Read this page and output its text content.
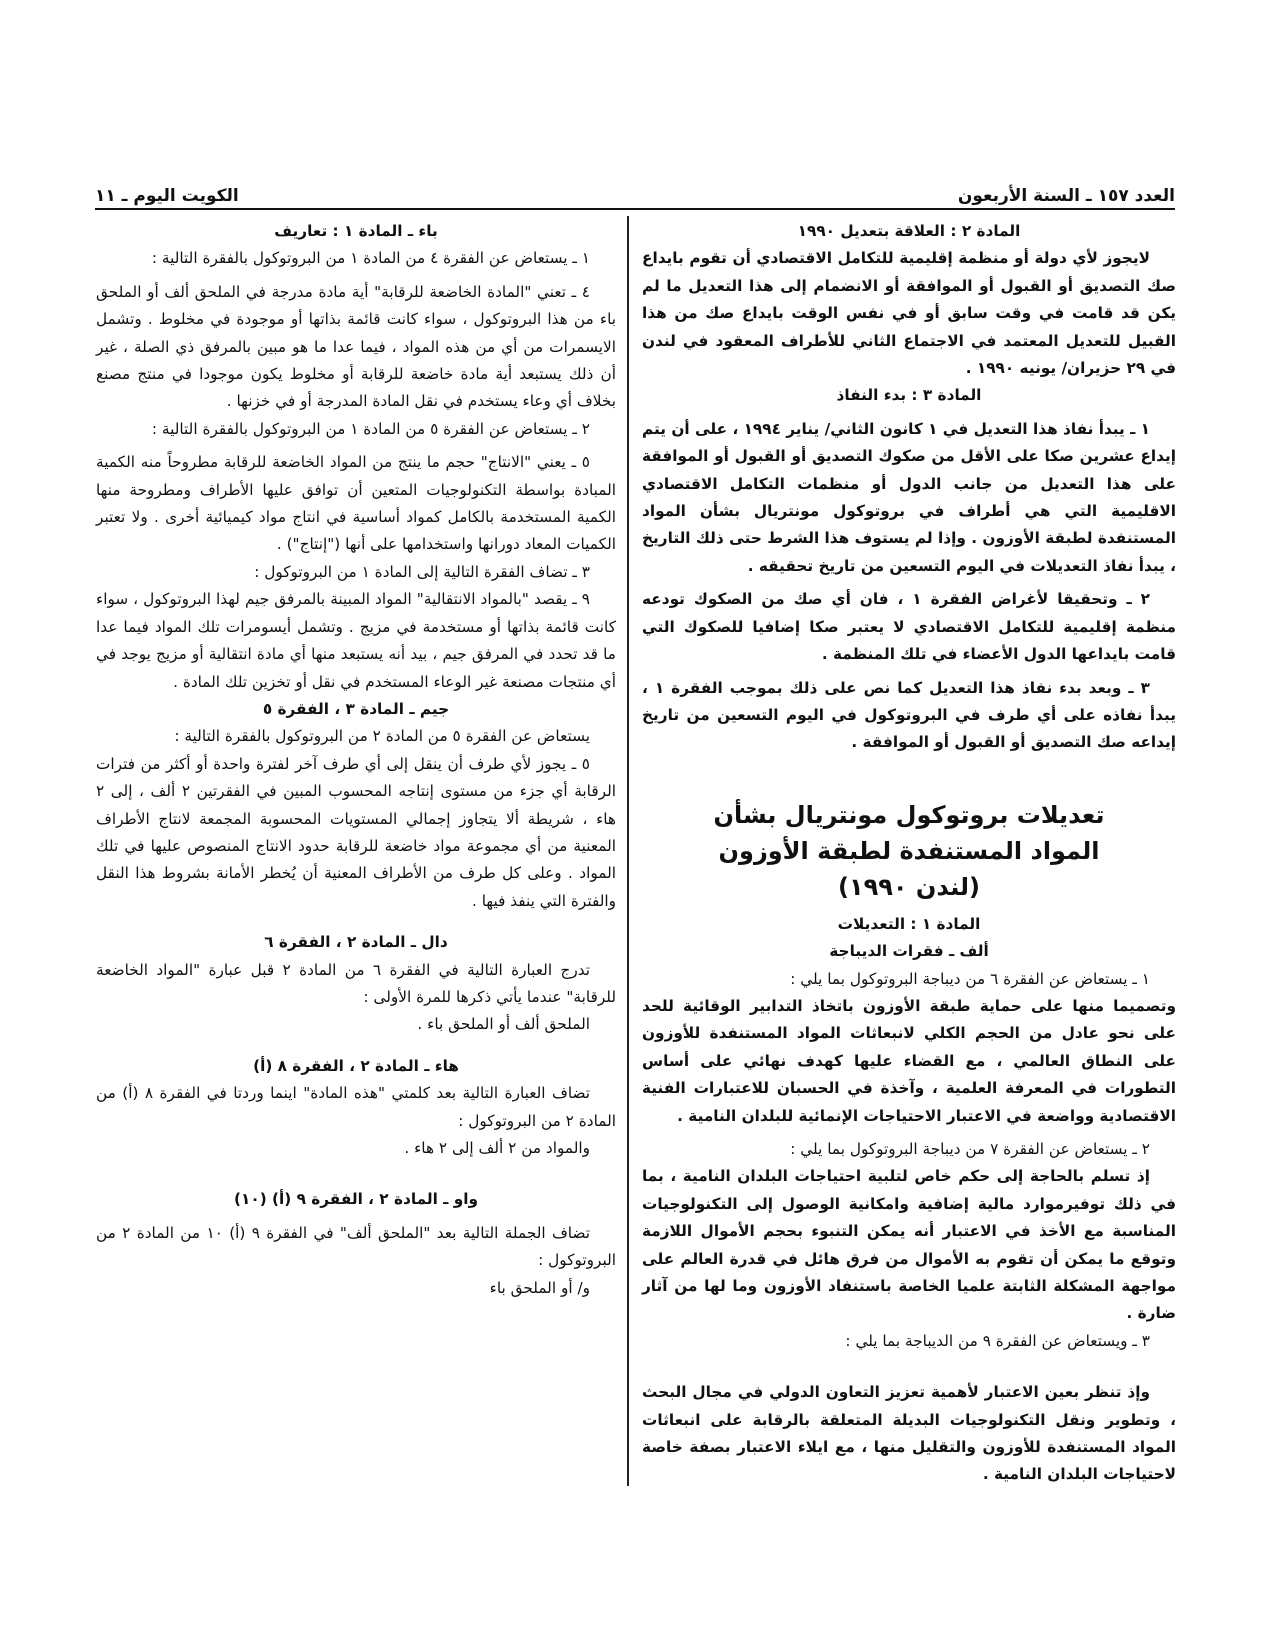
العدد ١٥٧ ـ السنة الأربعون
الكويت اليوم ـ ١١

المادة ٢ : العلاقة بتعديل ١٩٩٠

لايجوز لأي دولة أو منظمة إقليمية للتكامل الاقتصادي أن تقوم بايداع صك التصديق أو القبول أو الموافقة أو الانضمام إلى هذا التعديل ما لم يكن قد قامت في وقت سابق أو في نفس الوقت بايداع صك من هذا القبيل للتعديل المعتمد في الاجتماع الثاني للأطراف المعقود في لندن في ٢٩ حزيران/ يونيه ١٩٩٠ .

المادة ٣ : بدء النفاذ

١ ـ يبدأ نفاذ هذا التعديل في ١ كانون الثاني/ يناير ١٩٩٤ ، على أن يتم إيداع عشرين صكا على الأقل من صكوك التصديق أو القبول أو الموافقة على هذا التعديل من جانب الدول أو منظمات التكامل الاقتصادي الاقليمية التي هي أطراف في بروتوكول مونتريال بشأن المواد المستنفدة لطبقة الأوزون . وإذا لم يستوف هذا الشرط حتى ذلك التاريخ ، يبدأ نفاذ التعديلات في اليوم التسعين من تاريخ تحقيقه .

٢ ـ وتحقيقا لأغراض الفقرة ١ ، فان أي صك من الصكوك تودعه منظمة إقليمية للتكامل الاقتصادي لا يعتبر صكا إضافيا للصكوك التي قامت بايداعها الدول الأعضاء في تلك المنظمة .

٣ ـ وبعد بدء نفاذ هذا التعديل كما نص على ذلك بموجب الفقرة ١ ، يبدأ نفاذه على أي طرف في البروتوكول في اليوم التسعين من تاريخ إيداعه صك التصديق أو القبول أو الموافقة .

تعديلات بروتوكول مونتريال بشأن

المواد المستنفدة لطبقة الأوزون

(لندن ١٩٩٠)

المادة ١ : التعديلات

ألف ـ فقرات الديباجة

١ ـ يستعاض عن الفقرة ٦ من ديباجة البروتوكول بما يلي :

وتصميما منها على حماية طبقة الأوزون باتخاذ التدابير الوقائية للحد على نحو عادل من الحجم الكلي لانبعاثات المواد المستنفدة للأوزون على النطاق العالمي ، مع القضاء عليها كهدف نهائي على أساس التطورات في المعرفة العلمية ، وآخذة في الحسبان للاعتبارات الفنية الاقتصادية وواضعة في الاعتبار الاحتياجات الإنمائية للبلدان النامية .

٢ ـ يستعاض عن الفقرة ٧ من ديباجة البروتوكول بما يلي :

إذ تسلم بالحاجة إلى حكم خاص لتلبية احتياجات البلدان النامية ، بما في ذلك توفيرموارد مالية إضافية وامكانية الوصول إلى التكنولوجيات المناسبة مع الأخذ في الاعتبار أنه يمكن التنبوء بحجم الأموال اللازمة وتوقع ما يمكن أن تقوم به الأموال من فرق هائل في قدرة العالم على مواجهة المشكلة الثابتة علميا الخاصة باستنفاد الأوزون وما لها من آثار ضارة .

٣ ـ ويستعاض عن الفقرة ٩ من الديباجة بما يلي :

وإذ تنظر بعين الاعتبار لأهمية تعزيز التعاون الدولي في مجال البحث ، وتطوير ونقل التكنولوجيات البديلة المتعلقة بالرقابة على انبعاثات المواد المستنفدة للأوزون والتقليل منها ، مع ايلاء الاعتبار بصفة خاصة لاحتياجات البلدان النامية .

باء ـ المادة ١ : تعاريف

١ ـ يستعاض عن الفقرة ٤ من المادة ١ من البروتوكول بالفقرة التالية :

٤ ـ تعني "المادة الخاضعة للرقابة" أية مادة مدرجة في الملحق ألف أو الملحق باء من هذا البروتوكول ، سواء كانت قائمة بذاتها أو موجودة في مخلوط . وتشمل الايسمرات من أي من هذه المواد ، فيما عدا ما هو مبين بالمرفق ذي الصلة ، غير أن ذلك يستبعد أية مادة خاضعة للرقابة أو مخلوط يكون موجودا في منتج مصنع بخلاف أي وعاء يستخدم في نقل المادة المدرجة أو في خزنها .

٢ ـ يستعاض عن الفقرة ٥ من المادة ١ من البروتوكول بالفقرة التالية :

٥ ـ يعني "الانتاج" حجم ما ينتج من المواد الخاضعة للرقابة مطروحاً منه الكمية المبادة بواسطة التكنولوجيات المتعين أن توافق عليها الأطراف ومطروحة منها الكمية المستخدمة بالكامل كمواد أساسية في انتاج مواد كيميائية أخرى . ولا تعتبر الكميات المعاد دورانها واستخدامها على أنها ("إنتاج") .

٣ ـ تضاف الفقرة التالية إلى المادة ١ من البروتوكول :

٩ ـ يقصد "بالمواد الانتقالية" المواد المبينة بالمرفق جيم لهذا البروتوكول ، سواء كانت قائمة بذاتها أو مستخدمة في مزيج . وتشمل أيسومرات تلك المواد فيما عدا ما قد تحدد في المرفق جيم ، بيد أنه يستبعد منها أي مادة انتقالية أو مزيج يوجد في أي منتجات مصنعة غير الوعاء المستخدم في نقل أو تخزين تلك المادة .

جيم ـ المادة ٣ ، الفقرة ٥

يستعاض عن الفقرة ٥ من المادة ٢ من البروتوكول بالفقرة التالية :

٥ ـ يجوز لأي طرف أن ينقل إلى أي طرف آخر لفترة واحدة أو أكثر من فترات الرقابة أي جزء من مستوى إنتاجه المحسوب المبين في الفقرتين ٢ ألف ، إلى ٢ هاء ، شريطة ألا يتجاوز إجمالي المستويات المحسوبة المجمعة لانتاج الأطراف المعنية من أي مجموعة مواد خاضعة للرقابة حدود الانتاج المنصوص عليها في تلك المواد . وعلى كل طرف من الأطراف المعنية أن يُخطر الأمانة بشروط هذا النقل والفترة التي ينفذ فيها .

دال ـ المادة ٢ ، الفقرة ٦

تدرج العبارة التالية في الفقرة ٦ من المادة ٢ قبل عبارة "المواد الخاضعة للرقابة" عندما يأتي ذكرها للمرة الأولى :

الملحق ألف أو الملحق باء .

هاء ـ المادة ٢ ، الفقرة ٨ (أ)

تضاف العبارة التالية بعد كلمتي "هذه المادة" اينما وردتا في الفقرة ٨ (أ) من المادة ٢ من البروتوكول :

والمواد من ٢ ألف إلى ٢ هاء .

واو ـ المادة ٢ ، الفقرة ٩ (أ) (١٠)

تضاف الجملة التالية بعد "الملحق ألف" في الفقرة ٩ (أ) ١٠ من المادة ٢ من البروتوكول :

و/ أو الملحق باء
